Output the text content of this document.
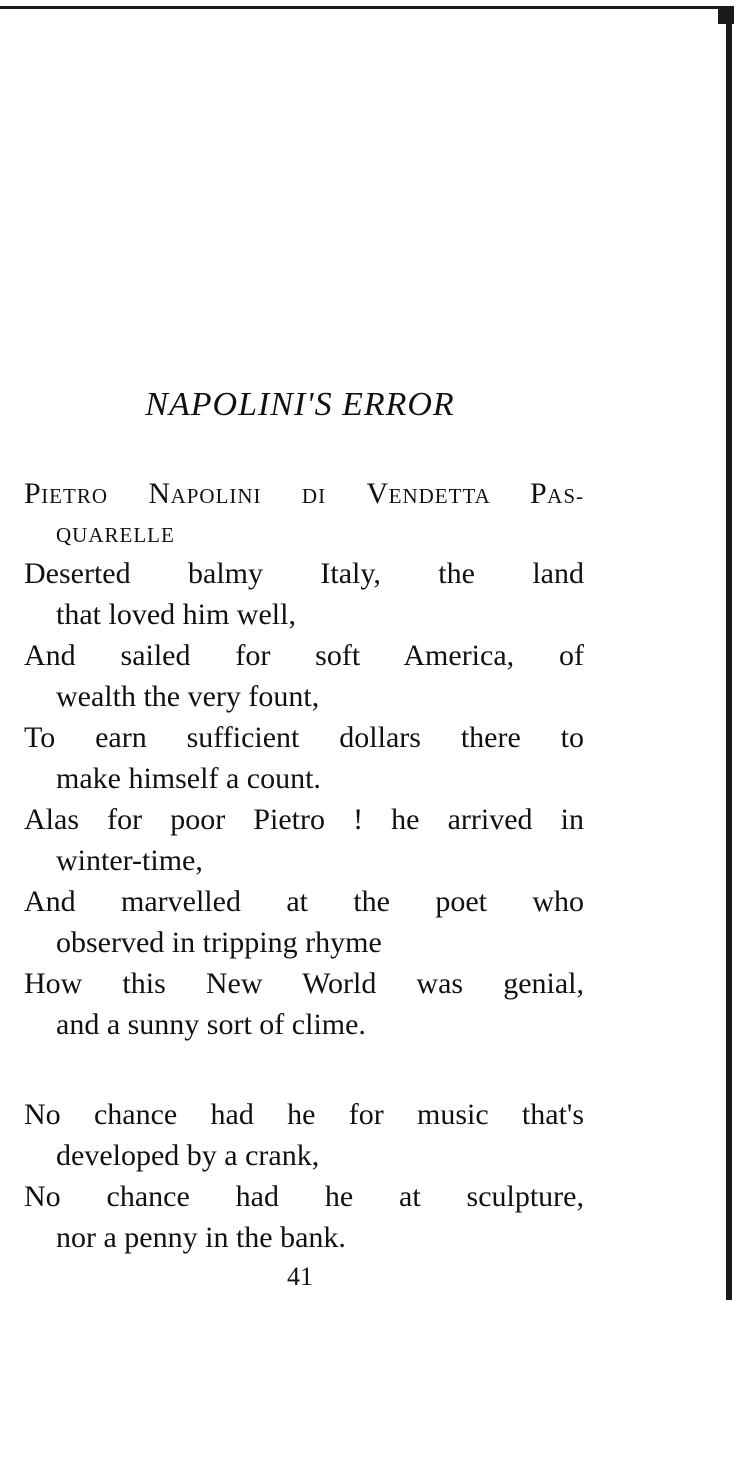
NAPOLINI'S ERROR
PIETRO NAPOLINI DI VENDETTA PAS-
QUARELLE
Deserted balmy Italy, the land
that loved him well,
And sailed for soft America, of
wealth the very fount,
To earn sufficient dollars there to
make himself a count.
Alas for poor Pietro ! he arrived in
winter-time,
And marvelled at the poet who
observed in tripping rhyme
How this New World was genial,
and a sunny sort of clime.
No chance had he for music that's
developed by a crank,
No chance had he at sculpture,
nor a penny in the bank.
41
